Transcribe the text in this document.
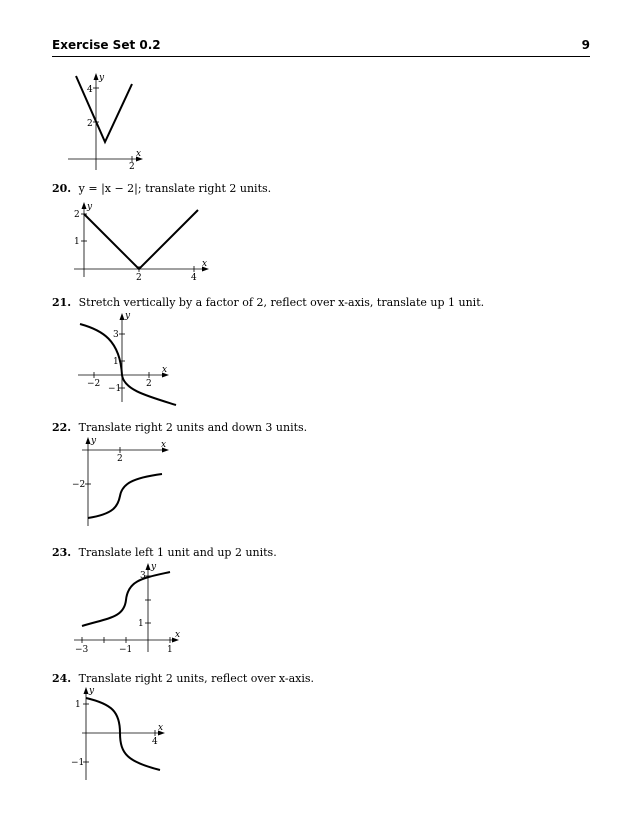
Exercise Set 0.2	9
x
y
2
2
4
20. y = |x − 2|; translate right 2 units.
x
y
2	4
1
2
21. Stretch vertically by a factor of 2, reflect over x-axis, translate up 1 unit.
x
y
−2	2
−1
1
3
22. Translate right 2 units and down 3 units.
x
y
2
−2
23. Translate left 1 unit and up 2 units.
x
y
−3	−1	1
1
3
24. Translate right 2 units, reflect over x-axis.
x
y
4
−1
1
